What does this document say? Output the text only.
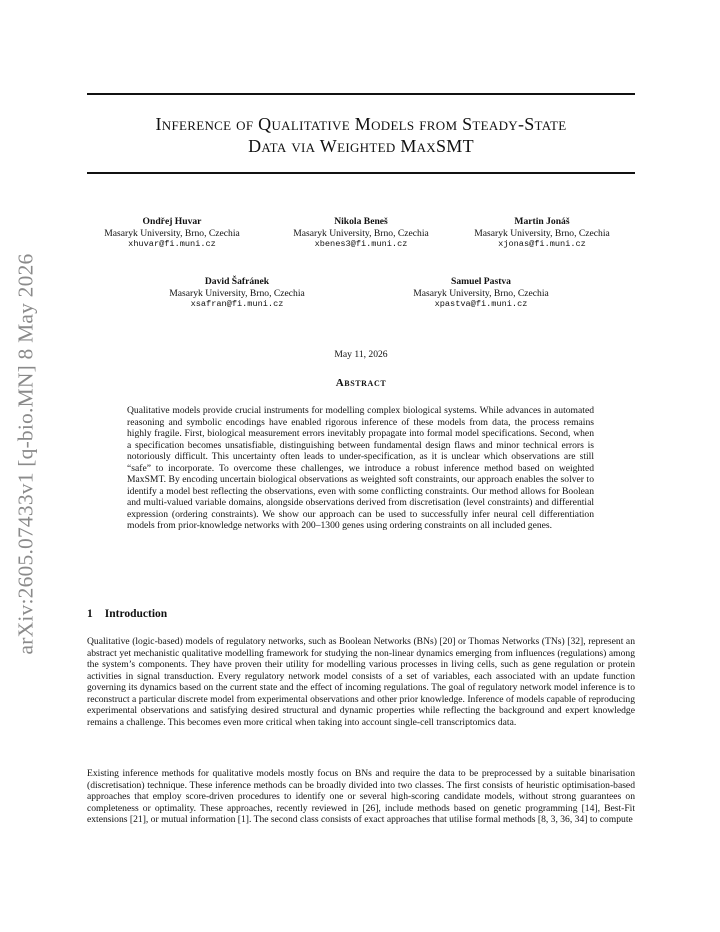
arXiv:2605.07433v1 [q-bio.MN] 8 May 2026
Inference of Qualitative Models from Steady-State
Data via Weighted MaxSMT
Ondřej Huvar
Masaryk University, Brno, Czechia
xhuvar@fi.muni.cz
Nikola Beneš
Masaryk University, Brno, Czechia
xbenes3@fi.muni.cz
Martin Jonáš
Masaryk University, Brno, Czechia
xjonas@fi.muni.cz
David Šafránek
Masaryk University, Brno, Czechia
xsafran@fi.muni.cz
Samuel Pastva
Masaryk University, Brno, Czechia
xpastva@fi.muni.cz
May 11, 2026
Abstract

Qualitative models provide crucial instruments for modelling complex biological systems. While advances in automated reasoning and symbolic encodings have enabled rigorous inference of these models from data, the process remains highly fragile. First, biological measurement errors inevitably propagate into formal model specifications. Second, when a specification becomes unsatisfiable, distinguishing between fundamental design flaws and minor technical errors is notoriously difficult. This uncertainty often leads to under-specification, as it is unclear which observations are still “safe” to incorporate. To overcome these challenges, we introduce a robust inference method based on weighted MaxSMT. By encoding uncertain biological observations as weighted soft constraints, our approach enables the solver to identify a model best reflecting the observations, even with some conflicting constraints. Our method allows for Boolean and multi-valued variable domains, alongside observations derived from discretisation (level constraints) and differential expression (ordering constraints). We show our approach can be used to successfully infer neural cell differentiation models from prior-knowledge networks with 200–1300 genes using ordering constraints on all included genes.

1 Introduction

Qualitative (logic-based) models of regulatory networks, such as Boolean Networks (BNs) [20] or Thomas Networks (TNs) [32], represent an abstract yet mechanistic qualitative modelling framework for studying the non-linear dynamics emerging from influences (regulations) among the system’s components. They have proven their utility for modelling various processes in living cells, such as gene regulation or protein activities in signal transduction. Every regulatory network model consists of a set of variables, each associated with an update function governing its dynamics based on the current state and the effect of incoming regulations. The goal of regulatory network model inference is to reconstruct a particular discrete model from experimental observations and other prior knowledge. Inference of models capable of reproducing experimental observations and satisfying desired structural and dynamic properties while reflecting the background and expert knowledge remains a challenge. This becomes even more critical when taking into account single-cell transcriptomics data.

Existing inference methods for qualitative models mostly focus on BNs and require the data to be preprocessed by a suitable binarisation (discretisation) technique. These inference methods can be broadly divided into two classes. The first consists of heuristic optimisation-based approaches that employ score-driven procedures to identify one or several high-scoring candidate models, without strong guarantees on completeness or optimality. These approaches, recently reviewed in [26], include methods based on genetic programming [14], Best-Fit extensions [21], or mutual information [1]. The second class consists of exact approaches that utilise formal methods [8, 3, 36, 34] to compute
